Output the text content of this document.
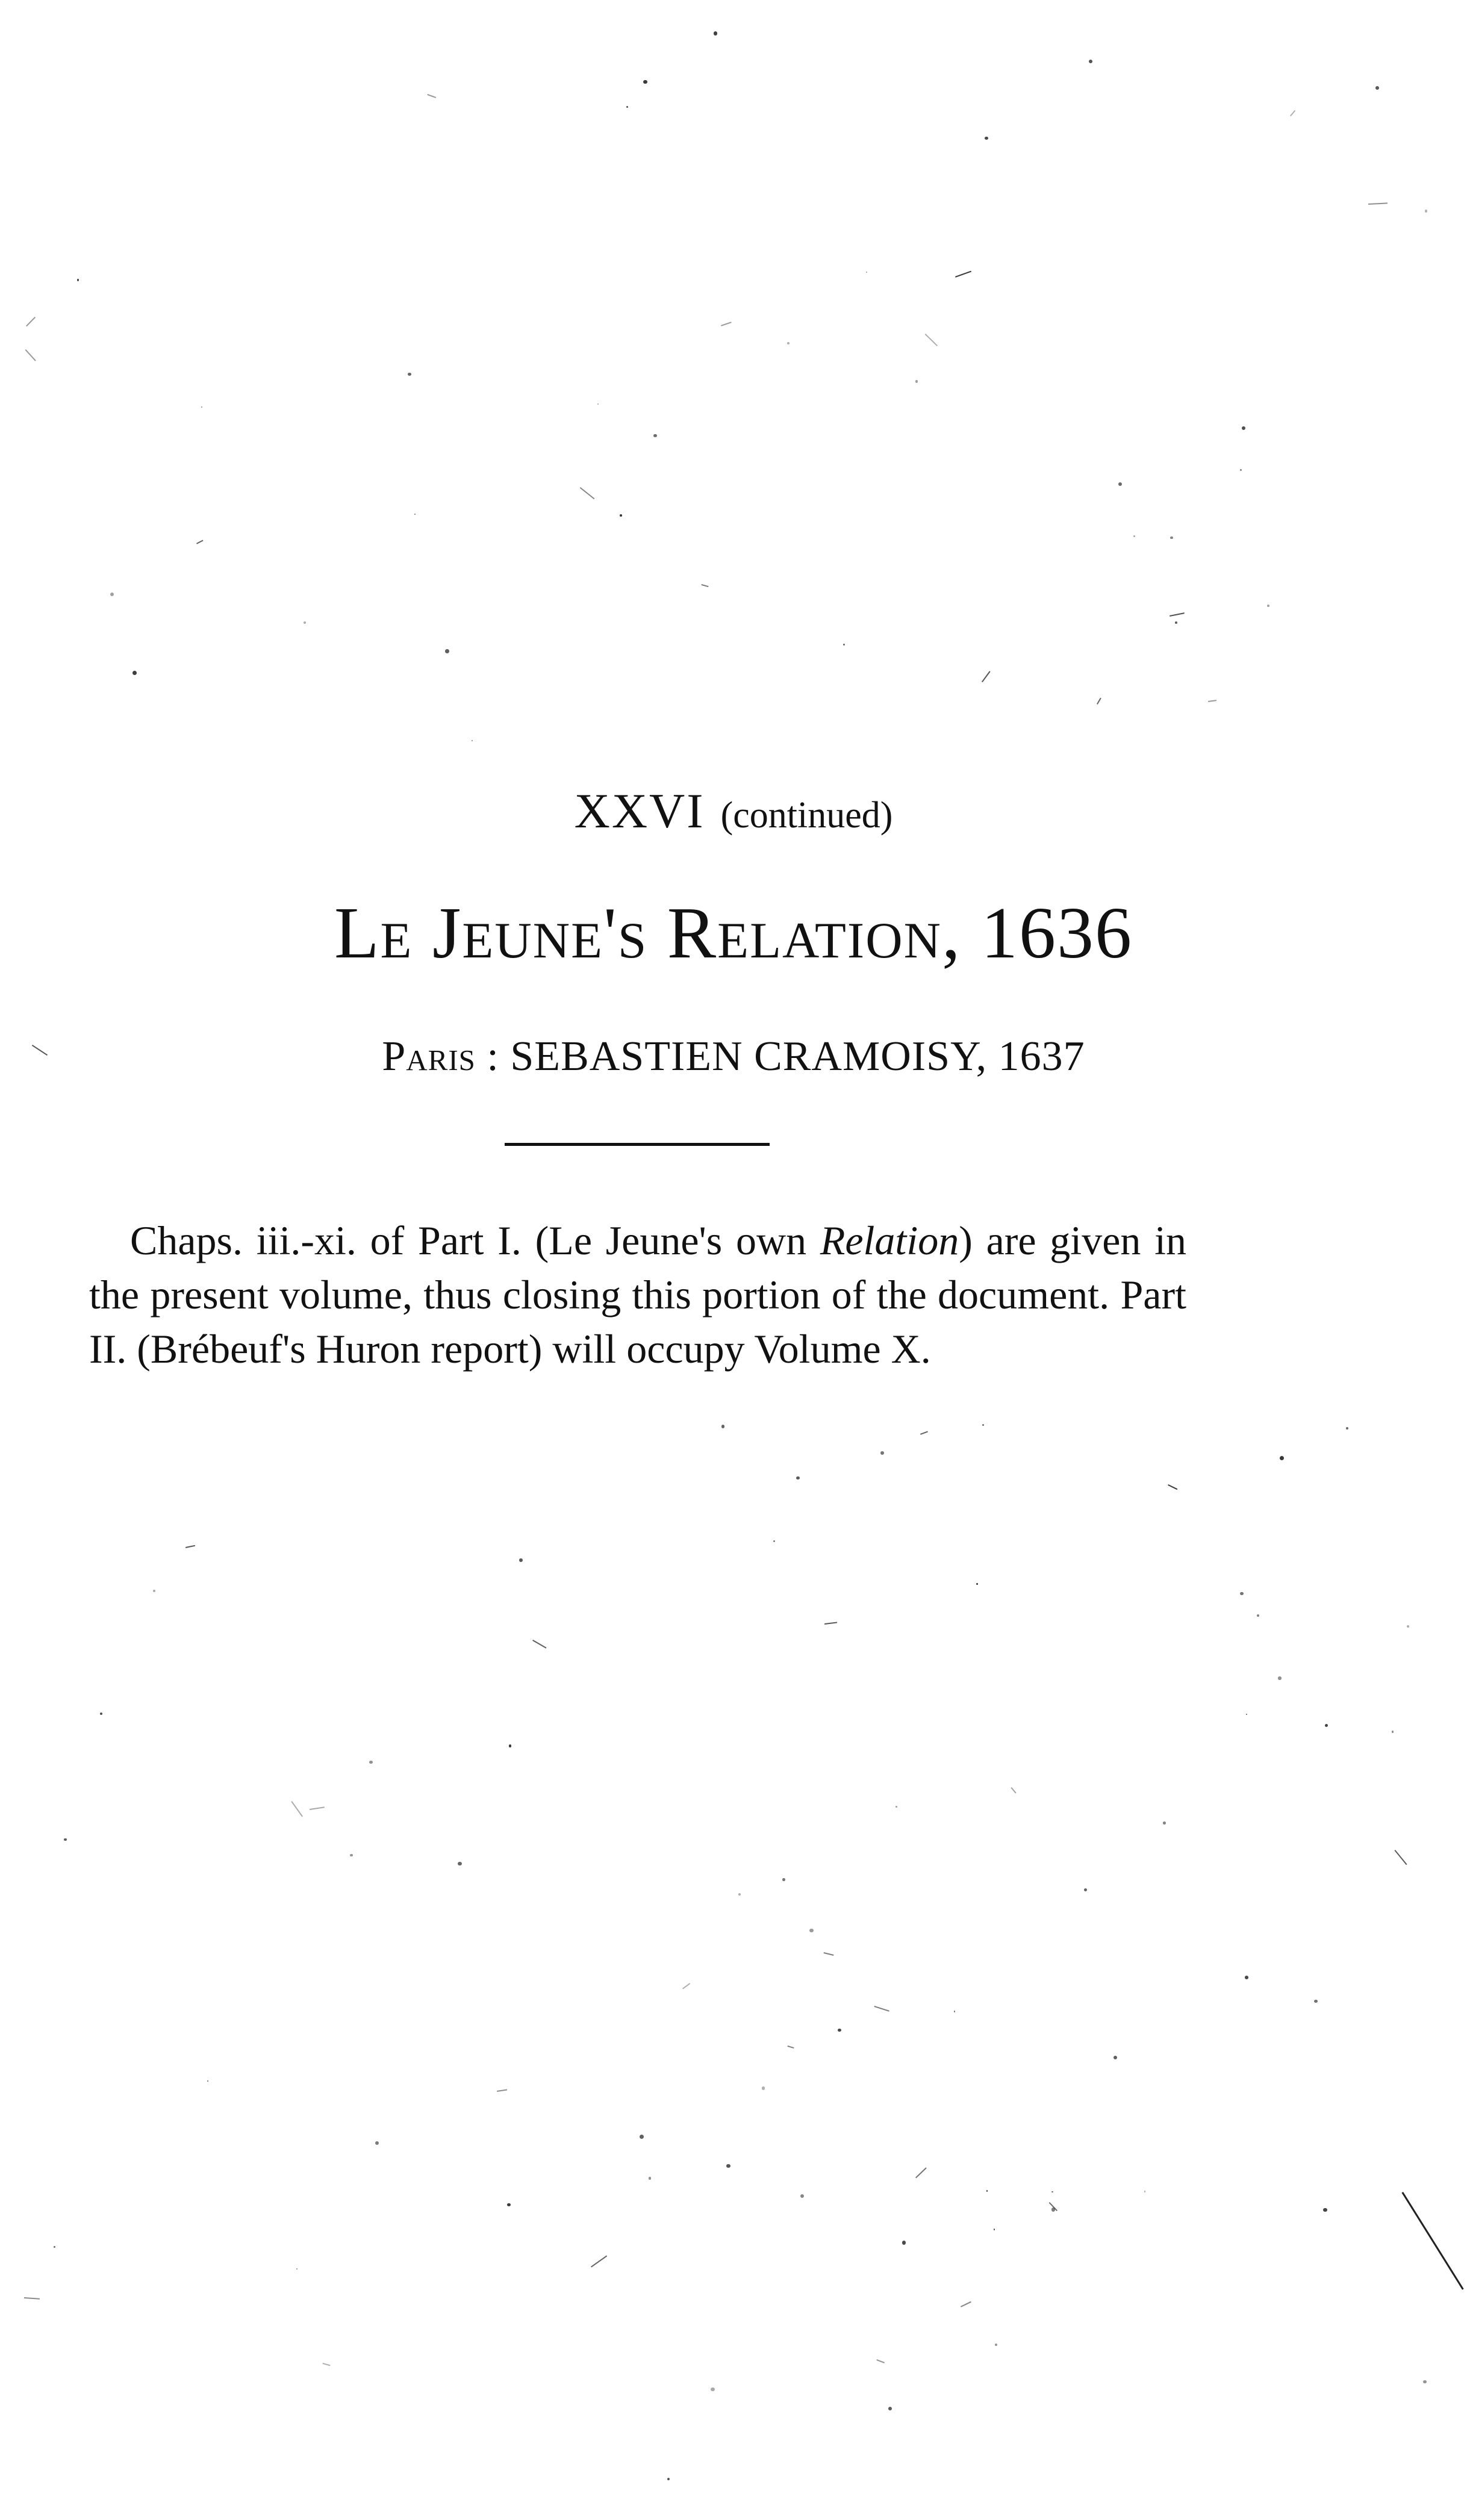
XXVI (continued)
Le Jeune's Relation, 1636
Paris : SEBASTIEN CRAMOISY, 1637

Chaps. iii.-xi. of Part I. (Le Jeune's own Relation) are given in the present volume, thus closing this portion of the document. Part II. (Brébeuf's Huron report) will occupy Volume X.
